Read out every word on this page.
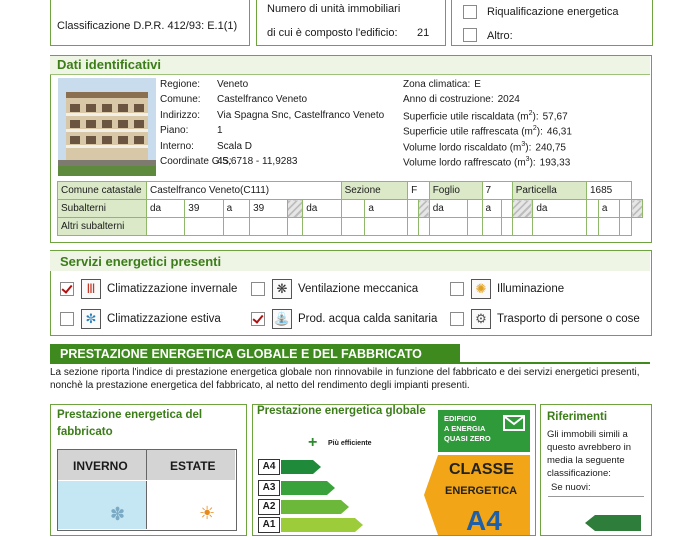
Classificazione D.P.R. 412/93: E.1(1)
Numero di unità immobiliari
di cui è composto l'edificio: 21
Riqualificazione energetica
Altro:
Dati identificativi
Regione: Veneto
Comune: Castelfranco Veneto
Indirizzo: Via Spagna Snc, Castelfranco Veneto
Piano:	1
Interno: Scala D
Coordinate GIS:45,6718 - 11,9283
Zona climatica: E
Anno di costruzione: 2024
Superficie utile riscaldata $(m^2)$: 57,67
Superficie utile raffrescata $(m^2)$: 46,31
Volume lordo riscaldato $(m^3)$: 240,75
Volume lordo raffrescato $(m^3)$: 193,33
Comune catastale	Castelfranco Veneto(C111)						Sezione		F		Foglio		7		Particella		1685			
Subalterni	da	39	a	39		da		a			da		a			da		a		
Altri subalterni																				
Servizi energetici presenti
Ⅲ	Climatizzazione invernale	❋ Ventilazione meccanica	✺ Illuminazione
✼ Climatizzazione estiva	⛲ Prod. acqua calda sanitaria	⚙ Trasporto di persone o cose
PRESTAZIONE ENERGETICA GLOBALE E DEL FABBRICATO
La sezione riporta l'indice di prestazione energetica globale non rinnovabile in funzione del fabbricato e dei servizi energetici presenti, nonchè la prestazione energetica del fabbricato, al netto del rendimento degli impianti presenti.
Prestazione energetica del fabbricato
INVERNO	ESTATE
✽	☀
Prestazione energetica globale
+ Più efficiente
A4
A3
A2
A1
EDIFICIO
A ENERGIA
QUASI ZERO
CLASSE
ENERGETICA
A4
Riferimenti
Gli immobili simili a questo avrebbero in media la seguente classificazione:
Se nuovi:
